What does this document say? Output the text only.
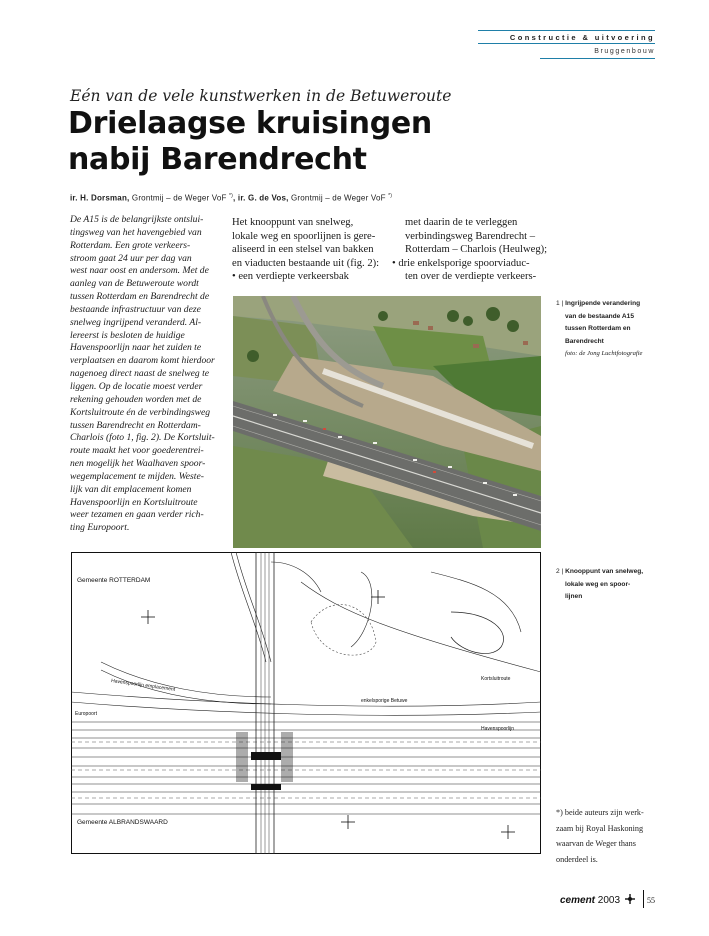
Constructie & uitvoering
Bruggenbouw
Eén van de vele kunstwerken in de Betuweroute
Drielaagse kruisingen
nabij Barendrecht
ir. H. Dorsman, Grontmij – de Weger VoF *), ir. G. de Vos, Grontmij – de Weger VoF *)
De A15 is de belangrijkste ontslui-
tingsweg van het havengebied van
Rotterdam. Een grote verkeers-
stroom gaat 24 uur per dag van
west naar oost en andersom. Met de
aanleg van de Betuweroute wordt
tussen Rotterdam en Barendrecht de
bestaande infrastructuur van deze
snelweg ingrijpend veranderd. Al-
lereerst is besloten de huidige
Havenspoorlijn naar het zuiden te
verplaatsen en daarom komt hierdoor
nagenoeg direct naast de snelweg te
liggen. Op de locatie moest verder
rekening gehouden worden met de
Kortsluitroute én de verbindingsweg
tussen Barendrecht en Rotterdam-
Charlois (foto 1, fig. 2). De Kortsluit-
route maakt het voor goederentrei-
nen mogelijk het Waalhaven spoor-
wegemplacement te mijden. Weste-
lijk van dit emplacement komen
Havenspoorlijn en Kortsluitroute
weer tezamen en gaan verder rich-
ting Europoort.
Het knooppunt van snelweg,
lokale weg en spoorlijnen is gere-
aliseerd in een stelsel van bakken
en viaducten bestaande uit (fig. 2):
• een verdiepte verkeersbak
met daarin de te verleggen
verbindingsweg Barendrecht –
Rotterdam – Charlois (Heulweg);
• drie enkelsporige spoorviaduc-
ten over de verdiepte verkeers-
1 | Ingrijpende verandering
van de bestaande A15
tussen Rotterdam en
Barendrecht
foto: de Jong Luchtfotografie
Gemeente ROTTERDAM
Gemeente ALBRANDSWAARD
Kortsluitroute
Havenspoorlijn
Havenspoorlijn emplacement
enkelsporige Betuwe
Europoort
2 | Knooppunt van snelweg,
lokale weg en spoor-
lijnen
*) beide auteurs zijn werk-
zaam bij Royal Haskoning
waarvan de Weger thans
onderdeel is.
cement 2003	55
